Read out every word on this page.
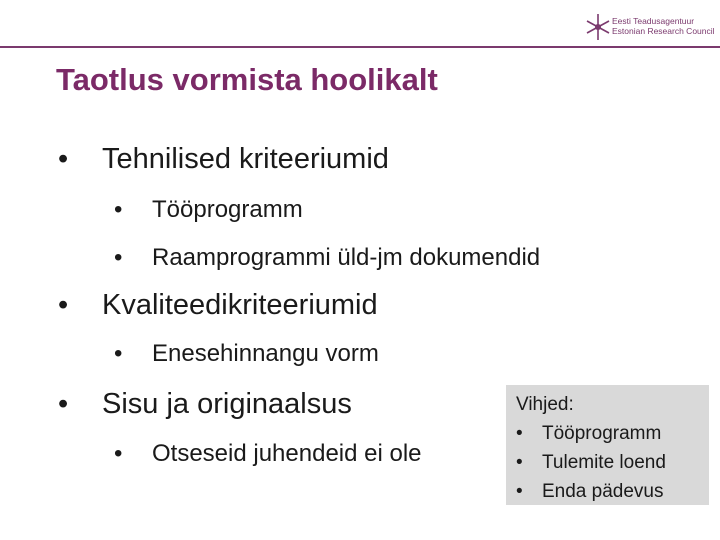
Eesti Teadusagentuur
Estonian Research Council
Taotlus vormista hoolikalt
• Tehnilised kriteeriumid
• Tööprogramm
• Raamprogrammi üld-jm dokumendid
• Kvaliteedikriteeriumid
• Enesehinnangu vorm
• Sisu ja originaalsus
• Otseseid juhendeid ei ole
Vihjed:
• Tööprogramm
• Tulemite loend
• Enda pädevus
